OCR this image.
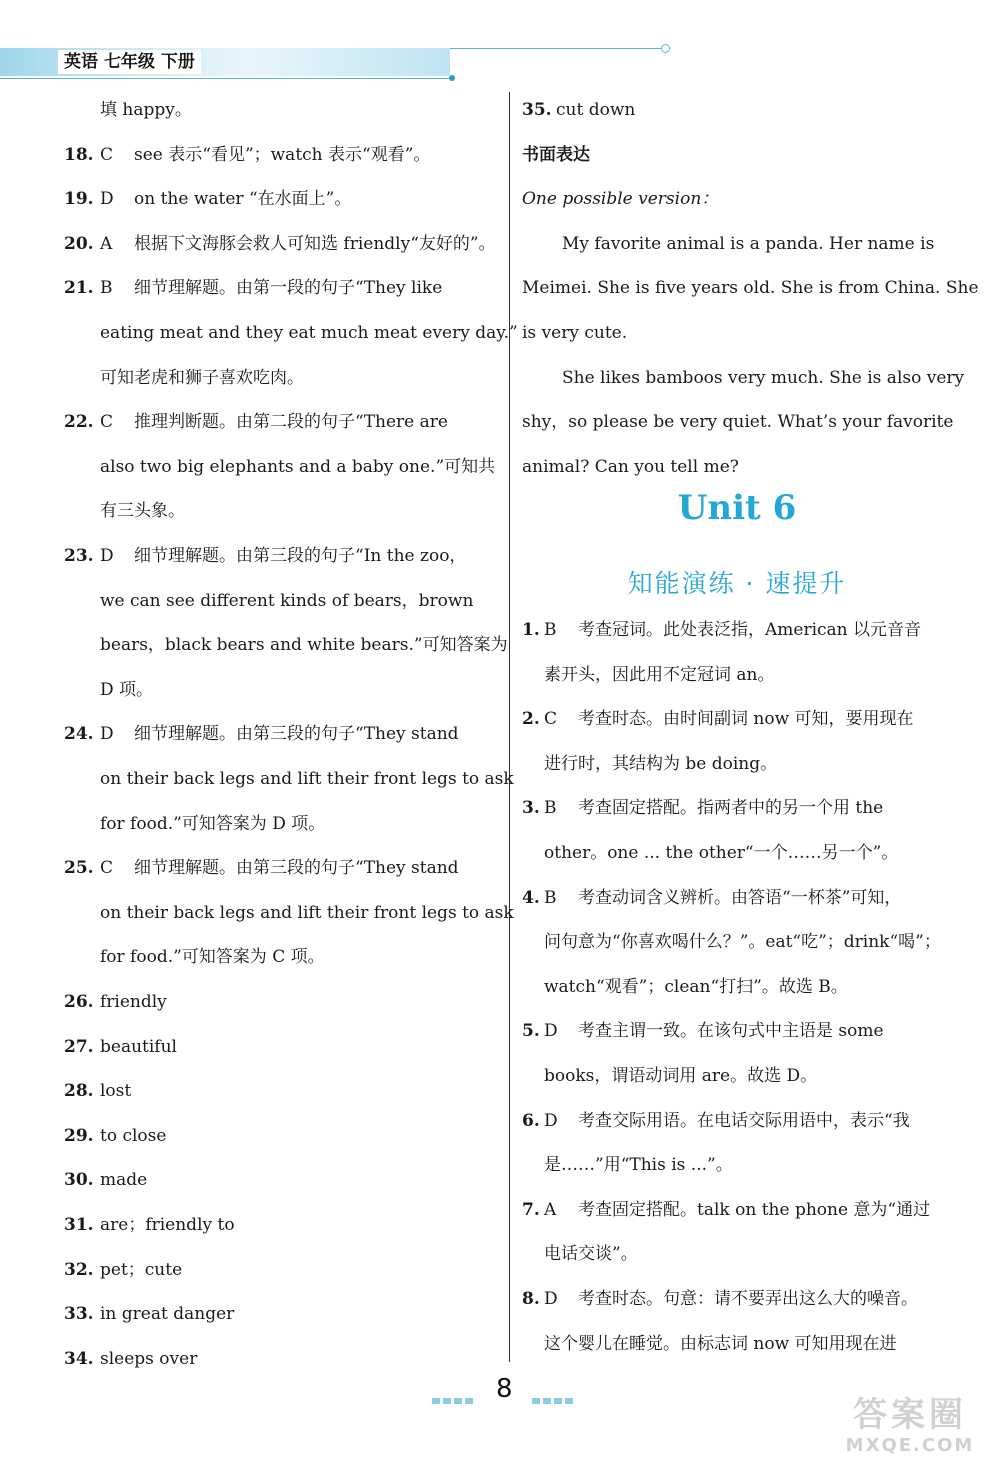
英语 七年级 下册
填 happy。
18. C see 表示“看见”；watch 表示“观看”。
19. D on the water “在水面上”。
20. A 根据下文海豚会救人可知选 friendly“友好的”。
21. B 细节理解题。由第一段的句子“They like
eating meat and they eat much meat every day.”
可知老虎和狮子喜欢吃肉。
22. C 推理判断题。由第二段的句子“There are
also two big elephants and a baby one.”可知共
有三头象。
23. D 细节理解题。由第三段的句子“In the zoo，
we can see different kinds of bears，brown
bears，black bears and white bears.”可知答案为
D 项。
24. D 细节理解题。由第三段的句子“They stand
on their back legs and lift their front legs to ask
for food.”可知答案为 D 项。
25. C 细节理解题。由第三段的句子“They stand
on their back legs and lift their front legs to ask
for food.”可知答案为 C 项。
26. friendly
27. beautiful
28. lost
29. to close
30. made
31. are；friendly to
32. pet；cute
33. in great danger
34. sleeps over
35. cut down
书面表达
One possible version：
My favorite animal is a panda. Her name is
Meimei. She is five years old. She is from China. She
is very cute.
She likes bamboos very much. She is also very
shy，so please be very quiet. What’s your favorite
animal? Can you tell me?
Unit 6
知能演练 · 速提升
1. B 考查冠词。此处表泛指，American 以元音音
素开头，因此用不定冠词 an。
2. C 考查时态。由时间副词 now 可知，要用现在
进行时，其结构为 be doing。
3. B 考查固定搭配。指两者中的另一个用 the
other。one ... the other“一个……另一个”。
4. B 考查动词含义辨析。由答语“一杯茶”可知，
问句意为“你喜欢喝什么？”。eat“吃”；drink“喝”；
watch“观看”；clean“打扫”。故选 B。
5. D 考查主谓一致。在该句式中主语是 some
books，谓语动词用 are。故选 D。
6. D 考查交际用语。在电话交际用语中，表示“我
是……”用“This is ...”。
7. A 考查固定搭配。talk on the phone 意为“通过
电话交谈”。
8. D 考查时态。句意：请不要弄出这么大的噪音。
这个婴儿在睡觉。由标志词 now 可知用现在进
8
答案圈
MXQE.COM
